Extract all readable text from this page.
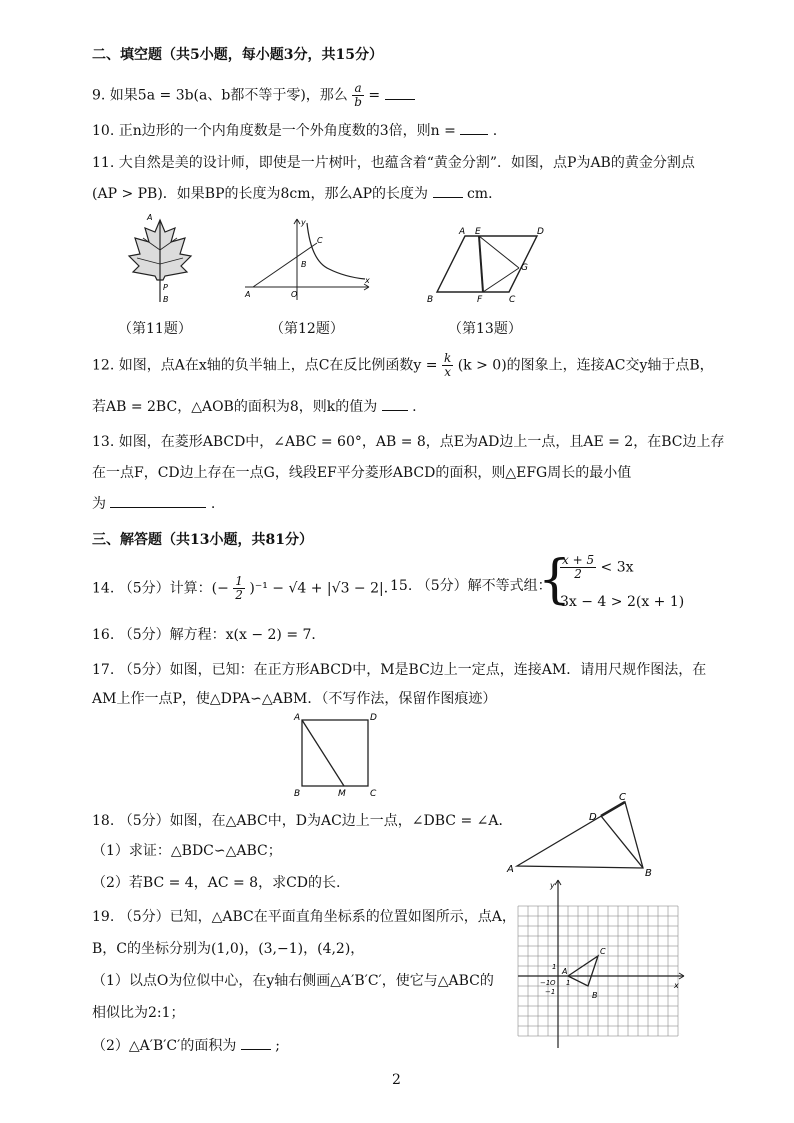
二、填空题（共5小题，每小题3分，共15分）
9. 如果5a = 3b(a、b都不等于零)，那么 $\frac{a}{b}$ =
10. 正n边形的一个内角度数是一个外角度数的3倍，则n =	.
11. 大自然是美的设计师，即使是一片树叶，也蕴含着“黄金分割”．如图，点P为AB的黄金分割点
(AP > PB)．如果BP的长度为8cm，那么AP的长度为	cm．
A
P
B
y
C
A	O
x
B
A E	D
G
B	F	C
（第11题）	（第12题）	（第13题）
12. 如图，点A在x轴的负半轴上，点C在反比例函数$y = \frac{k}{x} (k > 0)$的图象上，连接AC交y轴于点B，
若AB = 2BC，△AOB的面积为8，则k的值为 .
13. 如图，在菱形ABCD中，∠ABC = 60°，AB = 8，点E为AD边上一点，且AE = 2，在BC边上存
在一点F，CD边上存在一点G，线段EF平分菱形ABCD的面积，则△EFG周长的最小值
为	.
三、解答题（共13小题，共81分）
14. （5分）计算：(− $\frac{1}{2} )^{-1} - √4 + |√3 - 2|$．
15. （5分）解不等式组：
{
$\frac{x + 5}{2} < 3x$
3x − 4 > 2(x + 1)
16. （5分）解方程：x(x − 2) = 7．
17. （5分）如图，已知：在正方形ABCD中，M是BC边上一定点，连接AM．请用尺规作图法，在
AM上作一点P，使△DPA∽△ABM．（不写作法，保留作图痕迹）
A	D
B	M	C
18. （5分）如图，在△ABC中，D为AC边上一点，∠DBC = ∠A．
（1）求证：△BDC∽△ABC；
（2）若BC = 4，AC = 8，求CD的长.
C
D
A	B
19. （5分）已知，△ABC在平面直角坐标系的位置如图所示，点A，
B，C的坐标分别为(1,0)，(3,−1)，(4,2)，
（1）以点O为位似中心，在y轴右侧画△A′B′C′，使它与△ABC的
相似比为2:1；
（2）△A′B′C′的面积为	;
y
x
C
A
B
O 1
−1
1
−1
2
